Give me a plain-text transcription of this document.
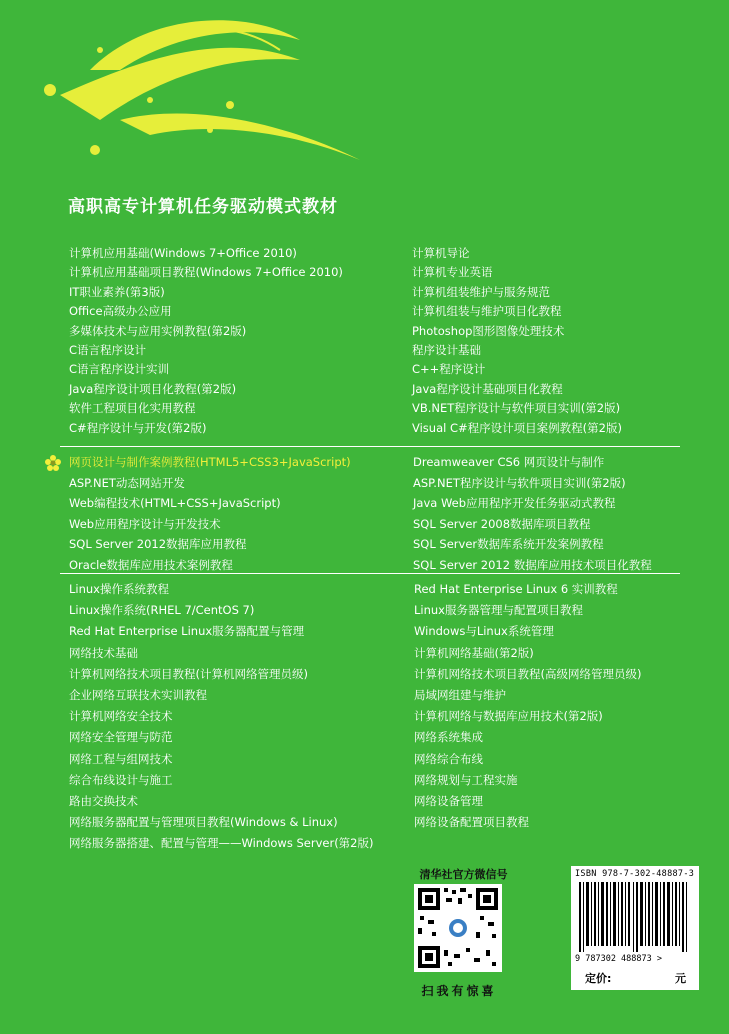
高职高专计算机任务驱动模式教材
计算机应用基础(Windows 7+Office 2010)
计算机应用基础项目教程(Windows 7+Office 2010)
IT职业素养(第3版)
Office高级办公应用
多媒体技术与应用实例教程(第2版)
C语言程序设计
C语言程序设计实训
Java程序设计项目化教程(第2版)
软件工程项目化实用教程
C#程序设计与开发(第2版)
计算机导论
计算机专业英语
计算机组装维护与服务规范
计算机组装与维护项目化教程
Photoshop图形图像处理技术
程序设计基础
C++程序设计
Java程序设计基础项目化教程
VB.NET程序设计与软件项目实训(第2版)
Visual C#程序设计项目案例教程(第2版)
网页设计与制作案例教程(HTML5+CSS3+JavaScript)
ASP.NET动态网站开发
Web编程技术(HTML+CSS+JavaScript)
Web应用程序设计与开发技术
SQL Server 2012数据库应用教程
Oracle数据库应用技术案例教程
Dreamweaver CS6 网页设计与制作
ASP.NET程序设计与软件项目实训(第2版)
Java Web应用程序开发任务驱动式教程
SQL Server 2008数据库项目教程
SQL Server数据库系统开发案例教程
SQL Server 2012 数据库应用技术项目化教程
Linux操作系统教程
Linux操作系统(RHEL 7/CentOS 7)
Red Hat Enterprise Linux服务器配置与管理
网络技术基础
计算机网络技术项目教程(计算机网络管理员级)
企业网络互联技术实训教程
计算机网络安全技术
网络安全管理与防范
网络工程与组网技术
综合布线设计与施工
路由交换技术
网络服务器配置与管理项目教程(Windows & Linux)
网络服务器搭建、配置与管理——Windows Server(第2版)
Red Hat Enterprise Linux 6 实训教程
Linux服务器管理与配置项目教程
Windows与Linux系统管理
计算机网络基础(第2版)
计算机网络技术项目教程(高级网络管理员级)
局域网组建与维护
计算机网络与数据库应用技术(第2版)
网络系统集成
网络综合布线
网络规划与工程实施
网络设备管理
网络设备配置项目教程
清华社官方微信号
扫我有惊喜
ISBN 978-7-302-48887-3
9 787302 488873 >
定价:	元
